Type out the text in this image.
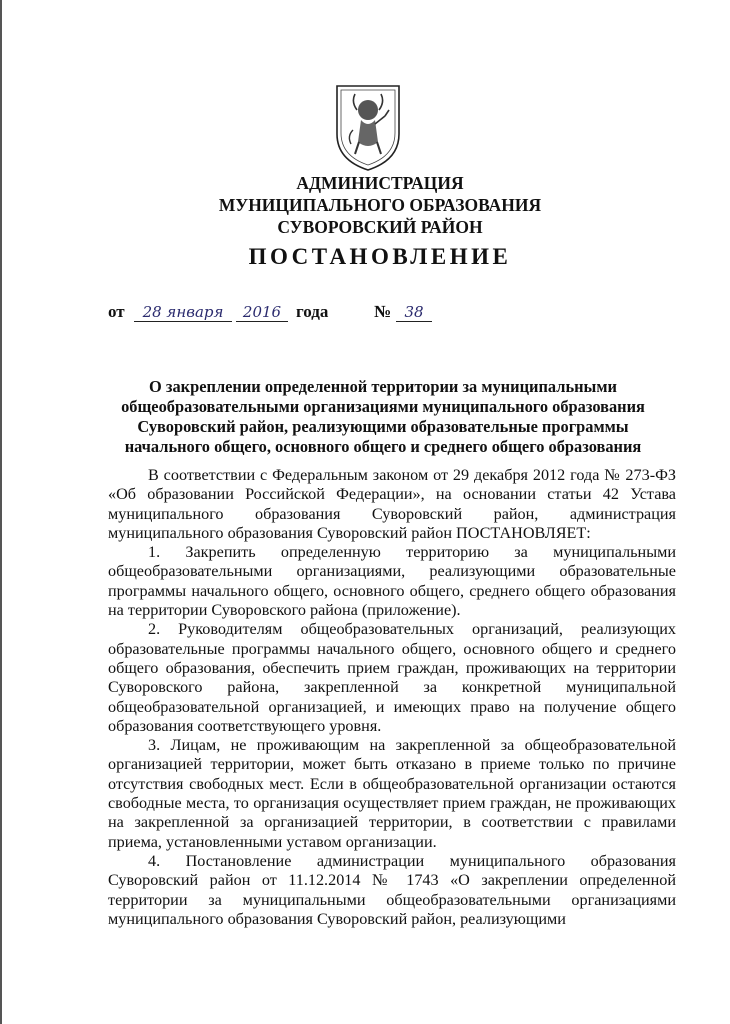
АДМИНИСТРАЦИЯ
МУНИЦИПАЛЬНОГО ОБРАЗОВАНИЯ
СУВОРОВСКИЙ РАЙОН
ПОСТАНОВЛЕНИЕ
от	28 января	2016 года	№ 38
О закреплении определенной территории за муниципальными
общеобразовательными организациями муниципального образования
Суворовский район, реализующими образовательные программы
начального общего, основного общего и среднего общего образования

В соответствии с Федеральным законом от 29 декабря 2012 года № 273-ФЗ «Об образовании Российской Федерации», на основании статьи 42 Устава муниципального образования Суворовский район, администрация муниципального образования Суворовский район ПОСТАНОВЛЯЕТ:

1. Закрепить определенную территорию за муниципальными общеобразовательными организациями, реализующими образовательные программы начального общего, основного общего, среднего общего образования на территории Суворовского района (приложение).

2. Руководителям общеобразовательных организаций, реализующих образовательные программы начального общего, основного общего и среднего общего образования, обеспечить прием граждан, проживающих на территории Суворовского района, закрепленной за конкретной муниципальной общеобразовательной организацией, и имеющих право на получение общего образования соответствующего уровня.

3. Лицам, не проживающим на закрепленной за общеобразовательной организацией территории, может быть отказано в приеме только по причине отсутствия свободных мест. Если в общеобразовательной организации остаются свободные места, то организация осуществляет прием граждан, не проживающих на закрепленной за организацией территории, в соответствии с правилами приема, установленными уставом организации.

4. Постановление администрации муниципального образования Суворовский район от 11.12.2014 № 1743 «О закреплении определенной территории за муниципальными общеобразовательными организациями муниципального образования Суворовский район, реализующими
